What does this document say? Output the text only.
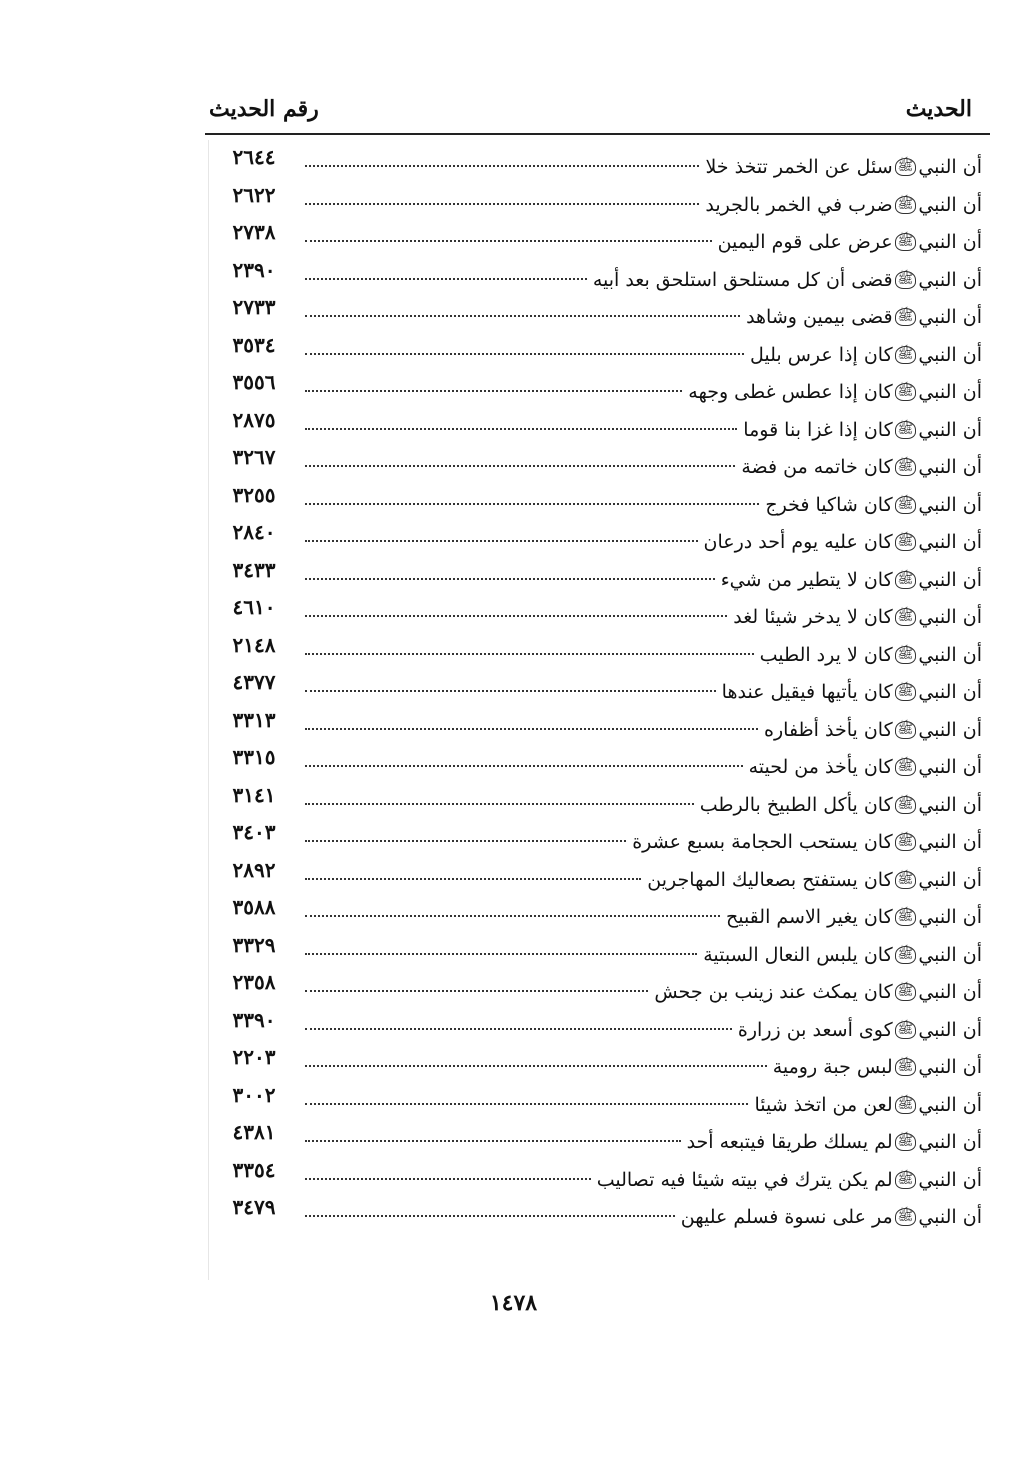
الحديث
رقم الحديث
أن النبي
ﷺ
سئل عن الخمر تتخذ خلا
٢٦٤٤
أن النبي
ﷺ
ضرب في الخمر بالجريد
٢٦٢٢
أن النبي
ﷺ
عرض على قوم اليمين
٢٧٣٨
أن النبي
ﷺ
قضى أن كل مستلحق استلحق بعد أبيه
٢٣٩٠
أن النبي
ﷺ
قضى بيمين وشاهد
٢٧٣٣
أن النبي
ﷺ
كان إذا عرس بليل
٣٥٣٤
أن النبي
ﷺ
كان إذا عطس غطى وجهه
٣٥٥٦
أن النبي
ﷺ
كان إذا غزا بنا قوما
٢٨٧٥
أن النبي
ﷺ
كان خاتمه من فضة
٣٢٦٧
أن النبي
ﷺ
كان شاكيا فخرج
٣٢٥٥
أن النبي
ﷺ
كان عليه يوم أحد درعان
٢٨٤٠
أن النبي
ﷺ
كان لا يتطير من شيء
٣٤٣٣
أن النبي
ﷺ
كان لا يدخر شيئا لغد
٤٦١٠
أن النبي
ﷺ
كان لا يرد الطيب
٢١٤٨
أن النبي
ﷺ
كان يأتيها فيقيل عندها
٤٣٧٧
أن النبي
ﷺ
كان يأخذ أظفاره
٣٣١٣
أن النبي
ﷺ
كان يأخذ من لحيته
٣٣١٥
أن النبي
ﷺ
كان يأكل الطبيخ بالرطب
٣١٤١
أن النبي
ﷺ
كان يستحب الحجامة بسبع عشرة
٣٤٠٣
أن النبي
ﷺ
كان يستفتح بصعاليك المهاجرين
٢٨٩٢
أن النبي
ﷺ
كان يغير الاسم القبيح
٣٥٨٨
أن النبي
ﷺ
كان يلبس النعال السبتية
٣٣٢٩
أن النبي
ﷺ
كان يمكث عند زينب بن جحش
٢٣٥٨
أن النبي
ﷺ
كوى أسعد بن زرارة
٣٣٩٠
أن النبي
ﷺ
لبس جبة رومية
٢٢٠٣
أن النبي
ﷺ
لعن من اتخذ شيئا
٣٠٠٢
أن النبي
ﷺ
لم يسلك طريقا فيتبعه أحد
٤٣٨١
أن النبي
ﷺ
لم يكن يترك في بيته شيئا فيه تصاليب
٣٣٥٤
أن النبي
ﷺ
مر على نسوة فسلم عليهن
٣٤٧٩
١٤٧٨
